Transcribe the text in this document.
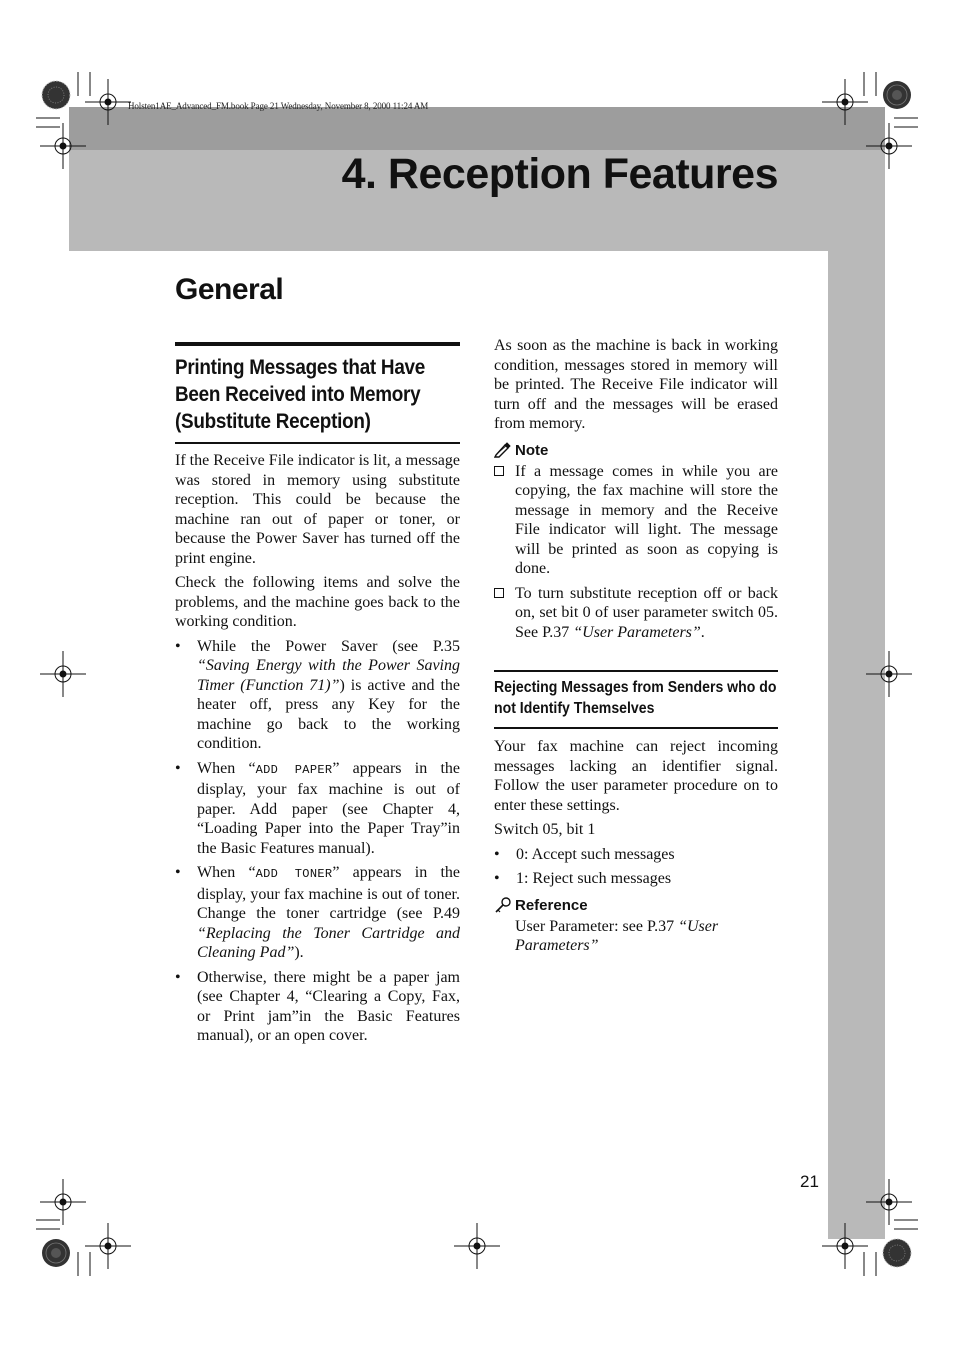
Holsten1AE_Advanced_FM.book Page 21 Wednesday, November 8, 2000 11:24 AM
4. Reception Features
General
Printing Messages that Have Been Received into Memory (Substitute Reception)

If the Receive File indicator is lit, a message was stored in memory using substitute reception. This could be because the machine ran out of paper or toner, or because the Power Saver has turned off the print engine.

Check the following items and solve the problems, and the machine goes back to the working condition.

• While the Power Saver (see P.35 “Saving Energy with the Power Saving Timer (Function 71)”) is active and the heater off, press any Key for the machine go back to the working condition.
• When “ADD PAPER” appears in the display, your fax machine is out of paper. Add paper (see Chapter 4, “Loading Paper into the Paper Tray”in the Basic Features manual).
• When “ADD TONER” appears in the display, your fax machine is out of toner. Change the toner cartridge (see P.49 “Replacing the Toner Cartridge and Cleaning Pad”).
• Otherwise, there might be a paper jam (see Chapter 4, “Clearing a Copy, Fax, or Print jam”in the Basic Features manual), or an open cover.

As soon as the machine is back in working condition, messages stored in memory will be printed. The Receive File indicator will turn off and the messages will be erased from memory.

Note
If a message comes in while you are copying, the fax machine will store the message in memory and the Receive File indicator will light. The message will be printed as soon as copying is done.
To turn substitute reception off or back on, set bit 0 of user parameter switch 05. See P.37 “User Parameters”.
Rejecting Messages from Senders who do not Identify Themselves

Your fax machine can reject incoming messages lacking an identifier signal. Follow the user parameter procedure on to enter these settings.

Switch 05, bit 1

• 0: Accept such messages
• 1: Reject such messages
Reference
User Parameter: see P.37 “User Parameters”
21
